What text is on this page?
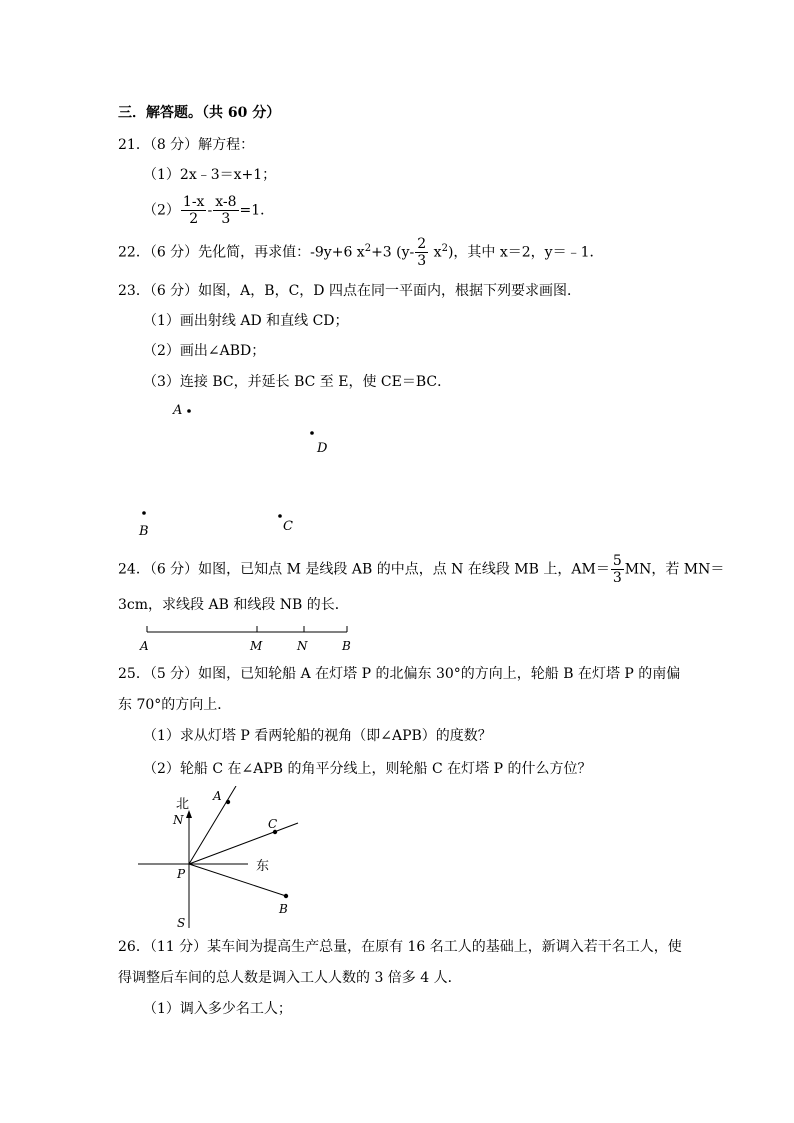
三．解答题。（共 60 分）
21．（8 分）解方程：
（1）2x﹣3＝x+1；
$(2) \frac{1-x}{2} - \frac{x-8}{3} =1$．
22．（6 分）先化简，再求值：-9y+6 $x^2+3$ $(y- \frac{2}{3} x^2)$，其中 x＝2，y＝﹣1．
23．（6 分）如图，A，B，C，D 四点在同一平面内，根据下列要求画图．
（1）画出射线 AD 和直线 CD；
（2）画出∠ABD；
（3）连接 BC，并延长 BC 至 E，使 CE＝BC．
A
D
B	C
24．（6 分）如图，已知点 M 是线段 AB 的中点，点 N 在线段 MB 上，$AM= \frac{5}{3}$ MN，若 MN＝
3cm，求线段 AB 和线段 NB 的长．
A	M	N	B
25．（5 分）如图，已知轮船 A 在灯塔 P 的北偏东 30°的方向上，轮船 B 在灯塔 P 的南偏
东 70°的方向上．
（1）求从灯塔 P 看两轮船的视角（即∠APB）的度数？
（2）轮船 C 在∠APB 的角平分线上，则轮船 C 在灯塔 P 的什么方位？
北
N
A
C
P	东
S
B
26．（11 分）某车间为提高生产总量，在原有 16 名工人的基础上，新调入若干名工人，使
得调整后车间的总人数是调入工人人数的 3 倍多 4 人．
（1）调入多少名工人；
